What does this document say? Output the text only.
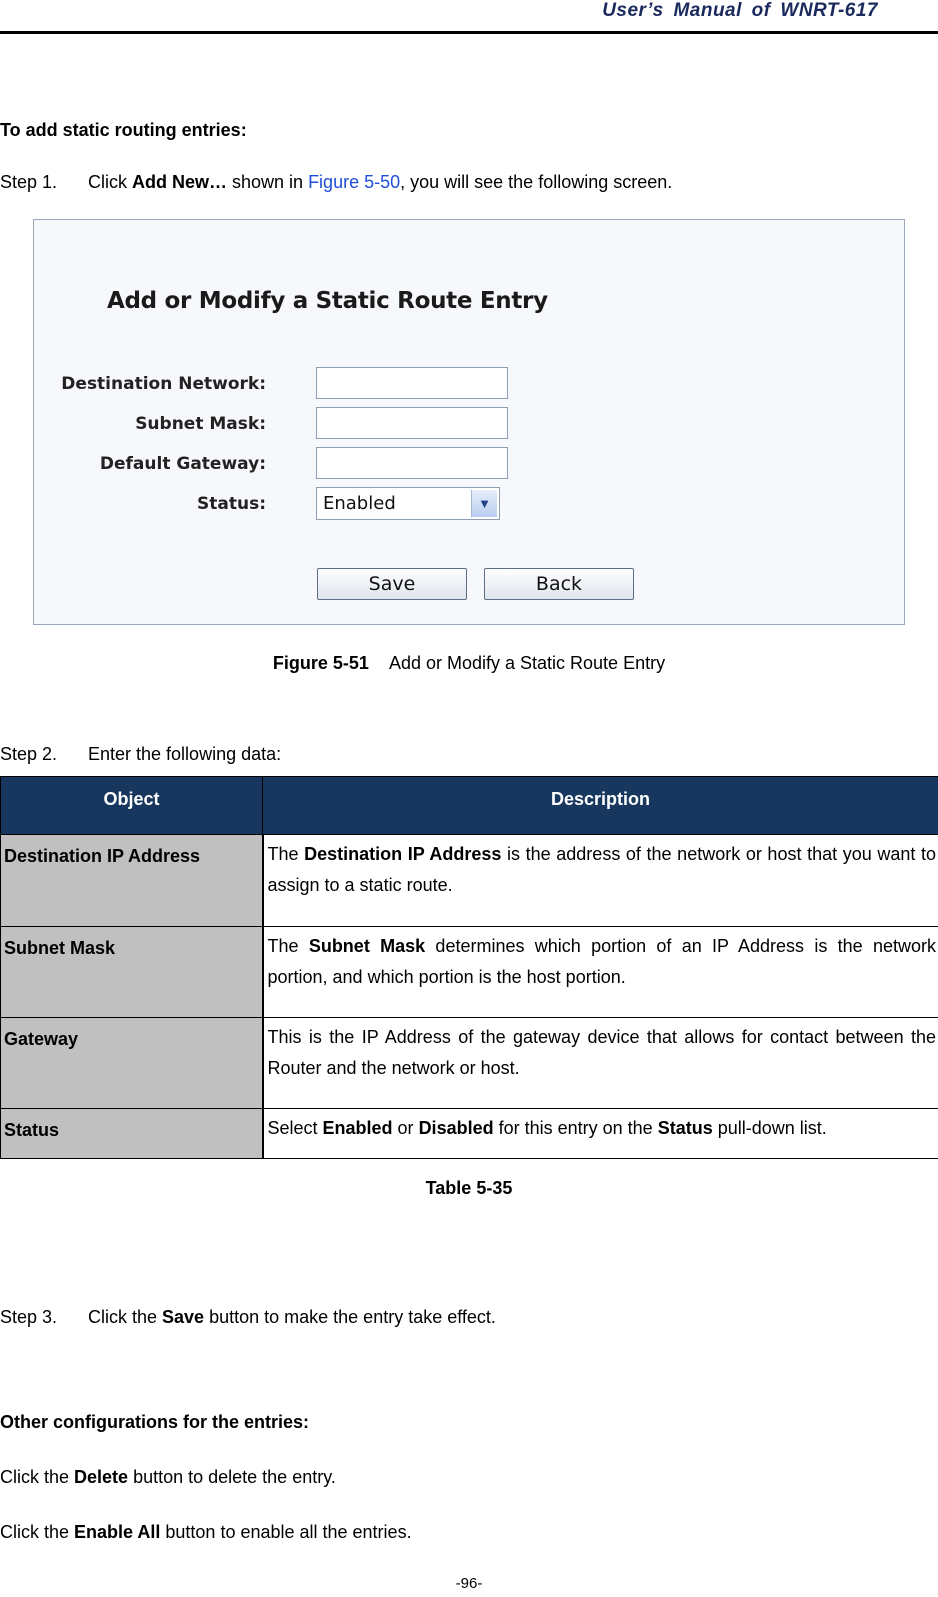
User’s Manual of WNRT-617
To add static routing entries:
Step 1. Click Add New… shown in Figure 5-50, you will see the following screen.
Add or Modify a Static Route Entry
Destination Network:
Subnet Mask:
Default Gateway:
Status:	Enabled	▼
Save	Back
Figure 5-51 Add or Modify a Static Route Entry
Step 2. Enter the following data:
Object	Description
Destination IP Address	The Destination IP Address is the address of the network or host that you want to assign to a static route.
Subnet Mask	The Subnet Mask determines which portion of an IP Address is the network portion, and which portion is the host portion.
Gateway	This is the IP Address of the gateway device that allows for contact between the Router and the network or host.
Status	Select Enabled or Disabled for this entry on the Status pull-down list.
Table 5-35
Step 3. Click the Save button to make the entry take effect.
Other configurations for the entries:
Click the Delete button to delete the entry.
Click the Enable All button to enable all the entries.
-96-
